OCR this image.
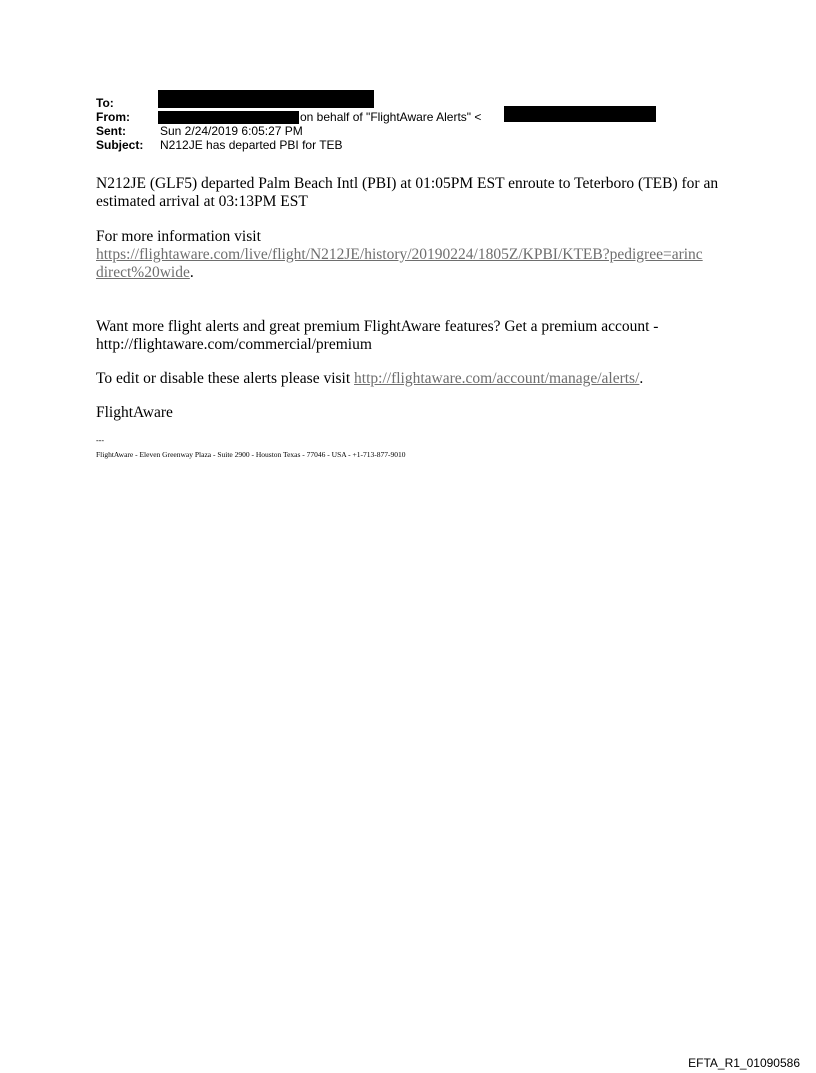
To:
From:	on behalf of "FlightAware Alerts" <
Sent:	Sun 2/24/2019 6:05:27 PM
Subject: N212JE has departed PBI for TEB
N212JE (GLF5) departed Palm Beach Intl (PBI) at 01:05PM EST enroute to Teterboro (TEB) for an estimated arrival at 03:13PM EST
For more information visit
https://flightaware.com/live/flight/N212JE/history/20190224/1805Z/KPBI/KTEB?pedigree=arinc
direct%20wide.
Want more flight alerts and great premium FlightAware features? Get a premium account - http://flightaware.com/commercial/premium
To edit or disable these alerts please visit http://flightaware.com/account/manage/alerts/.
FlightAware
---
FlightAware - Eleven Greenway Plaza - Suite 2900 - Houston Texas - 77046 - USA - +1-713-877-9010
EFTA_R1_01090586
